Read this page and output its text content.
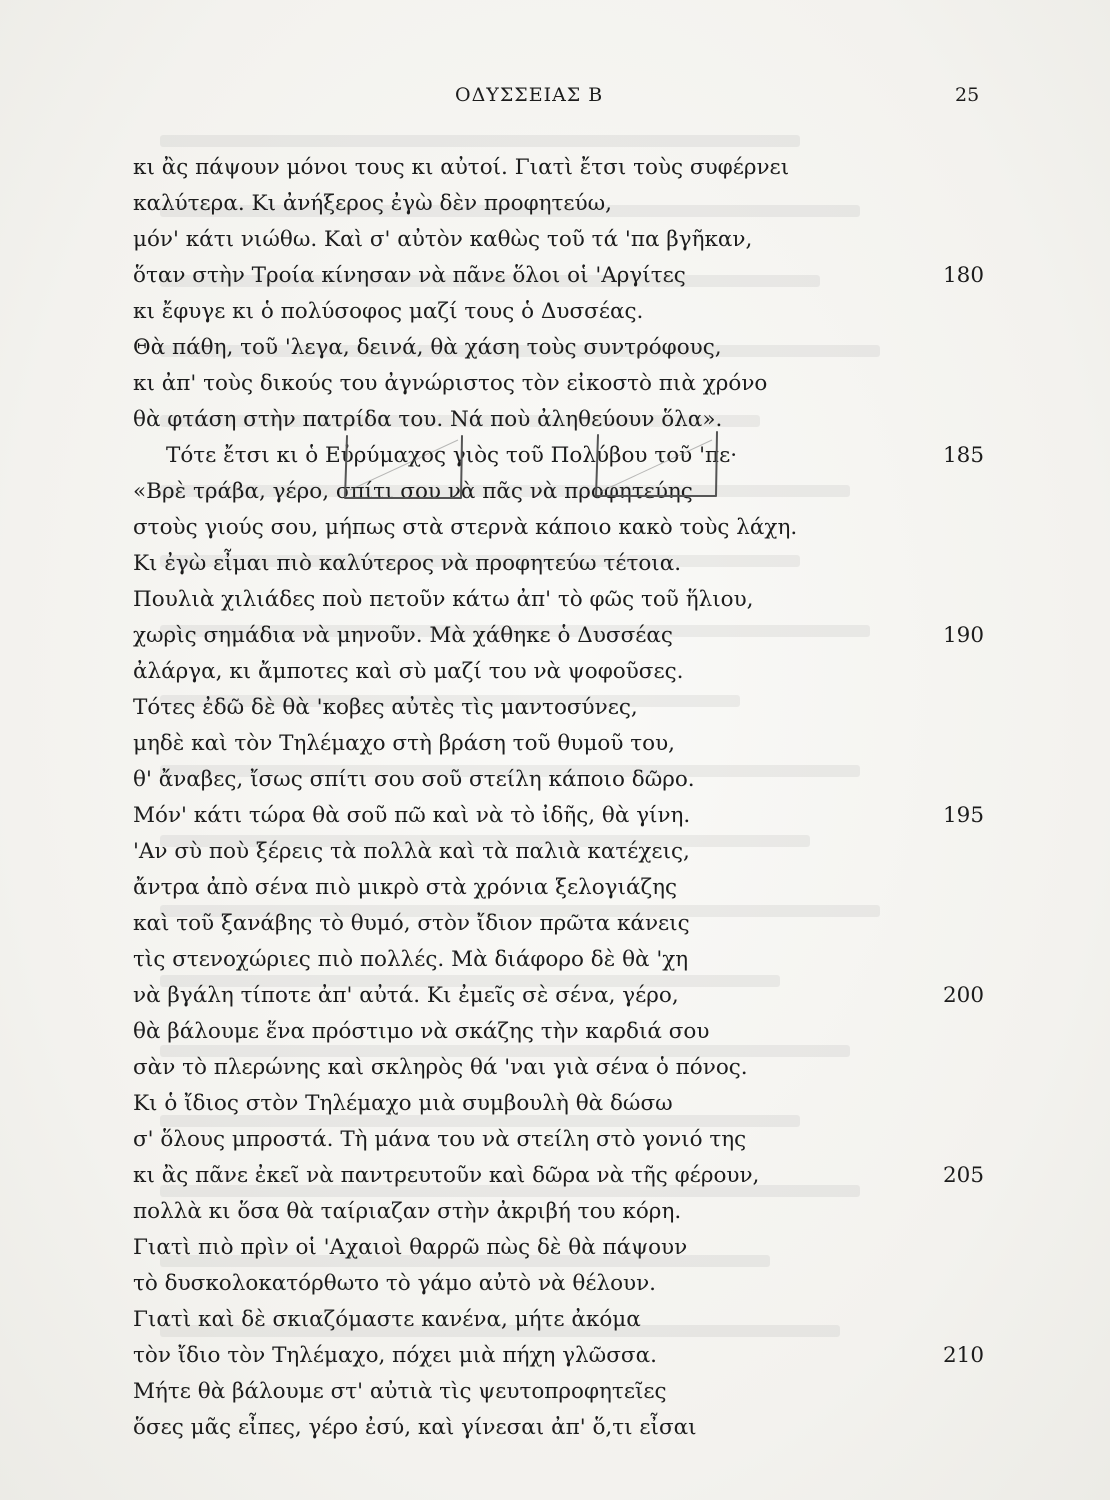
ΟΔΥΣΣΕΙΑΣ Β	25
κι ἂς πάψουν μόνοι τους κι αὐτοί. Γιατὶ ἔτσι τοὺς συφέρνει
καλύτερα. Κι ἀνήξερος ἐγὼ δὲν προφητεύω,
μόν' κάτι νιώθω. Καὶ σ' αὐτὸν καθὼς τοῦ τά 'πα βγῆκαν,
ὅταν στὴν Τροία κίνησαν νὰ πᾶνε ὅλοι οἱ 'Αργίτες	180
κι ἔφυγε κι ὁ πολύσοφος μαζί τους ὁ Δυσσέας.
Θὰ πάθη, τοῦ 'λεγα, δεινά, θὰ χάση τοὺς συντρόφους,
κι ἀπ' τοὺς δικούς του ἀγνώριστος τὸν εἰκοστὸ πιὰ χρόνο
θὰ φτάση στὴν πατρίδα του. Νά ποὺ ἀληθεύουν ὅλα».
Τότε ἔτσι κι ὁ Εὐρύμαχος γιὸς τοῦ Πολύβου τοῦ 'πε·	185
«Βρὲ τράβα, γέρο, σπίτι σου νὰ πᾶς νὰ προφητεύης
στοὺς γιούς σου, μήπως στὰ στερνὰ κάποιο κακὸ τοὺς λάχη.
Κι ἐγὼ εἶμαι πιὸ καλύτερος νὰ προφητεύω τέτοια.
Πουλιὰ χιλιάδες ποὺ πετοῦν κάτω ἀπ' τὸ φῶς τοῦ ἥλιου,
χωρὶς σημάδια νὰ μηνοῦν. Μὰ χάθηκε ὁ Δυσσέας	190
ἀλάργα, κι ἄμποτες καὶ σὺ μαζί του νὰ ψοφοῦσες.
Τότες ἐδῶ δὲ θὰ 'κοβες αὐτὲς τὶς μαντοσύνες,
μηδὲ καὶ τὸν Τηλέμαχο στὴ βράση τοῦ θυμοῦ του,
θ' ἄναβες, ἴσως σπίτι σου σοῦ στείλη κάποιο δῶρο.
Μόν' κάτι τώρα θὰ σοῦ πῶ καὶ νὰ τὸ ἰδῆς, θὰ γίνη.	195
'Αν σὺ ποὺ ξέρεις τὰ πολλὰ καὶ τὰ παλιὰ κατέχεις,
ἄντρα ἀπὸ σένα πιὸ μικρὸ στὰ χρόνια ξελογιάζης
καὶ τοῦ ξανάβης τὸ θυμό, στὸν ἴδιον πρῶτα κάνεις
τὶς στενοχώριες πιὸ πολλές. Μὰ διάφορο δὲ θὰ 'χη
νὰ βγάλη τίποτε ἀπ' αὐτά. Κι ἐμεῖς σὲ σένα, γέρο,	200
θὰ βάλουμε ἕνα πρόστιμο νὰ σκάζης τὴν καρδιά σου
σὰν τὸ πλερώνης καὶ σκληρὸς θά 'ναι γιὰ σένα ὁ πόνος.
Κι ὁ ἴδιος στὸν Τηλέμαχο μιὰ συμβουλὴ θὰ δώσω
σ' ὅλους μπροστά. Τὴ μάνα του νὰ στείλη στὸ γονιό της
κι ἂς πᾶνε ἐκεῖ νὰ παντρευτοῦν καὶ δῶρα νὰ τῆς φέρουν,	205
πολλὰ κι ὅσα θὰ ταίριαζαν στὴν ἀκριβή του κόρη.
Γιατὶ πιὸ πρὶν οἱ 'Αχαιοὶ θαρρῶ πὼς δὲ θὰ πάψουν
τὸ δυσκολοκατόρθωτο τὸ γάμο αὐτὸ νὰ θέλουν.
Γιατὶ καὶ δὲ σκιαζόμαστε κανένα, μήτε ἀκόμα
τὸν ἴδιο τὸν Τηλέμαχο, πόχει μιὰ πήχη γλῶσσα.	210
Μήτε θὰ βάλουμε στ' αὐτιὰ τὶς ψευτοπροφητεῖες
ὅσες μᾶς εἶπες, γέρο ἐσύ, καὶ γίνεσαι ἀπ' ὅ,τι εἶσαι
